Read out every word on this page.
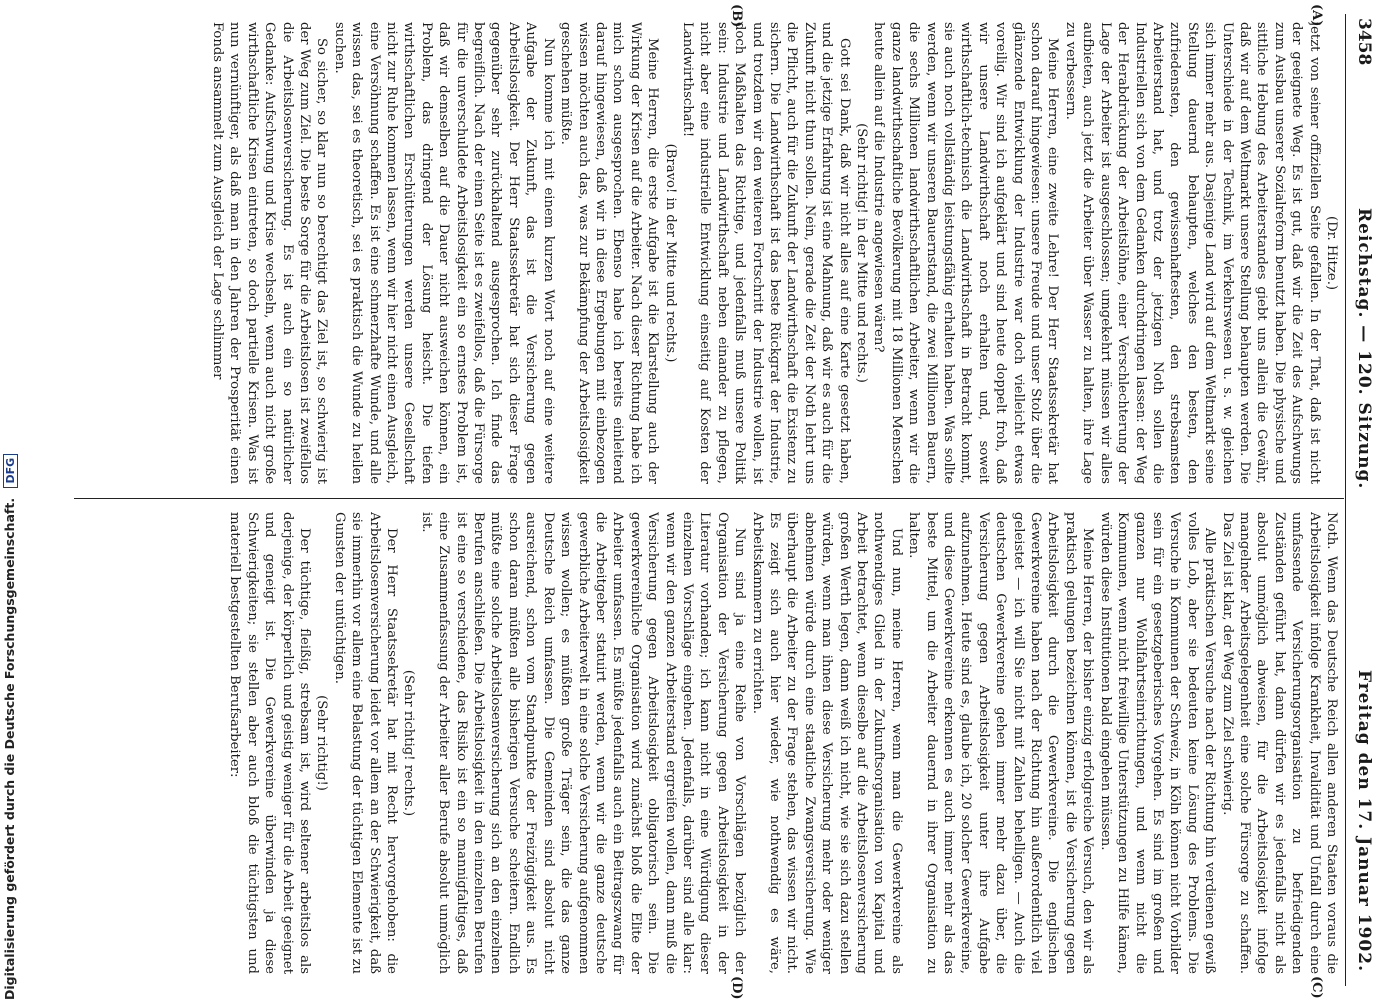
3458
Reichstag. — 120. Sitzung.
Freitag den 17. Januar 1902.
(A)
(B)
(C)
(D)

(Dr. Hitze.)

jetzt von seiner offiziellen Seite gefallen. In der That, daß ist nicht der geeignete Weg. Es ist gut, daß wir die Zeit des Aufschwungs zum Ausbau unserer Sozialreform benutzt haben. Die physische und sittliche Hebung des Arbeiterstandes giebt uns allein die Gewähr, daß wir auf dem Weltmarkt unsere Stellung behaupten werden. Die Unterschiede in der Technik, im Verkehrswesen u. s. w. gleichen sich immer mehr aus. Dasjenige Land wird auf dem Weltmarkt seine Stellung dauernd behaupten, welches den besten, den zufriedensten, den gewissenhaftesten, den strebsamsten Arbeiterstand hat, und trotz der jetzigen Noth sollen die Industriellen sich von dem Gedanken durchdringen lassen: der Weg der Herabdrückung der Arbeitslöhne, einer Verschlechterung der Lage der Arbeiter ist ausgeschlossen; umgekehrt müssen wir alles aufbieten, auch jetzt die Arbeiter über Wasser zu halten, ihre Lage zu verbessern.

Meine Herren, eine zweite Lehre! Der Herr Staatssekretär hat schon darauf hingewiesen: unsere Freude und unser Stolz über die glänzende Entwicklung der Industrie war doch vielleicht etwas voreilig. Wir sind ich aufgeklärt und sind heute doppelt froh, daß wir unsere Landwirthschaft noch erhalten und, soweit wirthschaftlich-technisch die Landwirthschaft in Betracht kommt, sie auch noch vollständig leistungsfähig erhalten haben. Was sollte werden, wenn wir unseren Bauernstand, die zwei Millionen Bauern, die sechs Millionen landwirthschaftlichen Arbeiter, wenn wir die ganze landwirthschaftliche Bevölkerung mit 18 Millionen Menschen heute allein auf die Industrie angewiesen wären?

(Sehr richtig! in der Mitte und rechts.)

Gott sei Dank, daß wir nicht alles auf eine Karte gesetzt haben, und die jetzige Erfahrung ist eine Mahnung, daß wir es auch für die Zukunft nicht thun sollen. Nein, gerade die Zeit der Noth lehrt uns die Pflicht, auch für die Zukunft der Landwirthschaft die Existenz zu sichern. Die Landwirthschaft ist das beste Rückgrat der Industrie, und trotzdem wir den weiteren Fortschritt der Industrie wollen, ist doch Maßhalten das Richtige, und jedenfalls muß unsere Politik sein: Industrie und Landwirthschaft neben einander zu pflegen, nicht aber eine industrielle Entwicklung einseitig auf Kosten der Landwirthschaft!

(Bravo! in der Mitte und rechts.)

Meine Herren, die erste Aufgabe ist die Klarstellung auch der Wirkung der Krisen auf die Arbeiter. Nach dieser Richtung habe ich mich schon ausgesprochen. Ebenso habe ich bereits einleitend darauf hingewiesen, daß wir in diese Ergebungen mit einbezogen wissen möchten auch das, was zur Bekämpfung der Arbeitslosigkeit geschehen müßte.

Nun komme ich mit einem kurzen Wort noch auf eine weitere Aufgabe der Zukunft, das ist die Versicherung gegen Arbeitslosigkeit. Der Herr Staatssekretär hat sich dieser Frage gegenüber sehr zurückhaltend ausgesprochen. Ich finde das begreiflich. Nach der einen Seite ist es zweifellos, daß die Fürsorge für die unverschuldete Arbeitslosigkeit ein so ernstes Problem ist, daß wir demselben auf die Dauer nicht ausweichen können, ein Problem, das dringend der Lösung heischt. Die tiefen wirthschaftlichen Erschütterungen werden unsere Gesellschaft nicht zur Ruhe kommen lassen, wenn wir hier nicht einen Ausgleich, eine Versöhnung schaffen. Es ist eine schmerzhafte Wunde, und alle wissen das, sei es theoretisch, sei es praktisch die Wunde zu heilen suchen.

So sicher, so klar nun so berechtigt das Ziel ist, so schwierig ist der Weg zum Ziel. Die beste Sorge für die Arbeitslosen ist zweifellos die Arbeitslosenversicherung. Es ist auch ein so natürlicher Gedanke: Aufschwung und Krise wechseln, wenn auch nicht große wirthschaftliche Krisen eintreten, so doch partielle Krisen. Was ist nun vernünftiger, als daß man in den Jahren der Prosperität einen Fonds ansammelt zum Ausgleich der Lage schlimmer

Noth. Wenn das Deutsche Reich allen anderen Staaten voraus die Arbeitslosigkeit infolge Krankheit, Invalidität und Unfall durch eine umfassende Versicherungsorganisation zu befriedigenden Zuständen geführt hat, dann dürfen wir es jedenfalls nicht als absolut unmöglich abweisen, für die Arbeitslosigkeit infolge mangelnder Arbeitsgelegenheit eine solche Fürsorge zu schaffen. Das Ziel ist klar, der Weg zum Ziel schwierig.

Alle praktischen Versuche nach der Richtung hin verdienen gewiß volles Lob, aber sie bedeuten keine Lösung des Problems. Die Versuche in Kommunen der Schweiz, in Köln können nicht Vorbilder sein für ein gesetzgeberisches Vorgehen. Es sind im großen und ganzen nur Wohlfahrtseinrichtungen, und wenn nicht die Kommunen, wenn nicht freiwillige Unterstützungen zu Hilfe kämen, würden diese Institutionen bald eingehen müssen.

Meine Herren, der bisher einzig erfolgreiche Versuch, den wir als praktisch gelungen bezeichnen können, ist die Versicherung gegen Arbeitslosigkeit durch die Gewerkvereine. Die englischen Gewerkvereine haben nach der Richtung hin außerordentlich viel geleistet — ich will Sie nicht mit Zahlen behelligen. — Auch die deutschen Gewerkvereine gehen immer mehr dazu über, die Versicherung gegen Arbeitslosigkeit unter ihre Aufgabe aufzunehmen. Heute sind es, glaube ich, 20 solcher Gewerkvereine, und diese Gewerkvereine erkennen es auch immer mehr als das beste Mittel, um die Arbeiter dauernd in ihrer Organisation zu halten.

Und nun, meine Herren, wenn man die Gewerkvereine als nothwendiges Glied in der Zukunftsorganisation von Kapital und Arbeit betrachtet, wenn dieselbe auf die Arbeitslosenversicherung großen Werth legen, dann weiß ich nicht, wie sie sich dazu stellen würden, wenn man ihnen diese Versicherung mehr oder weniger abnehmen würde durch eine staatliche Zwangsversicherung. Wie überhaupt die Arbeiter zu der Frage stehen, das wissen wir nicht. Es zeigt sich auch hier wieder, wie nothwendig es wäre, Arbeitskammern zu errichten.

Nun sind ja eine Reihe von Vorschlägen bezüglich der Organisation der Versicherung gegen Arbeitslosigkeit in der Literatur vorhanden; ich kann nicht in eine Würdigung dieser einzelnen Vorschläge eingehen. Jedenfalls, darüber sind alle klar: wenn wir den ganzen Arbeiterstand ergreifen wollen, dann muß die Versicherung gegen Arbeitslosigkeit obligatorisch sein. Die gewerkvereinliche Organisation wird zunächst bloß die Elite der Arbeiter umfassen. Es müßte jedenfalls auch ein Beitragszwang für die Arbeitgeber statuirt werden, wenn wir die ganze deutsche gewerbliche Arbeiterwelt in eine solche Versicherung aufgenommen wissen wollen; es müßten große Träger sein, die das ganze Deutsche Reich umfassen. Die Gemeinden sind absolut nicht ausreichend, schon vom Standpunkte der Freizügigkeit aus. Es schon daran müßten alle bisherigen Versuche scheitern. Endlich müßte eine solche Arbeitslosenversicherung sich an den einzelnen Berufen anschließen. Die Arbeitslosigkeit in den einzelnen Berufen ist eine so verschiedene, das Risiko ist ein so mannigfaltiges, daß eine Zusammenfassung der Arbeiter aller Berufe absolut unmöglich ist.

(Sehr richtig! rechts.)

Der Herr Staatssekretär hat mit Recht hervorgehoben: die Arbeitslosenversicherung leidet vor allem an der Schwierigkeit, daß sie immerhin vor allem eine Belastung der tüchtigen Elemente ist zu Gunsten der untüchtigen.

(Sehr richtig!)

Der tüchtige, fleißig, strebsam ist, wird seltener arbeitslos als derjenige, der körperlich und geistig weniger für die Arbeit geeignet und geneigt ist. Die Gewerkvereine überwinden ja diese Schwierigkeiten; sie stellen aber auch bloß die tüchtigsten und materiell bestgestellten Berufsarbeiter:

Digitalisierung gefördert durch die Deutsche Forschungsgemeinschaft. DFG
